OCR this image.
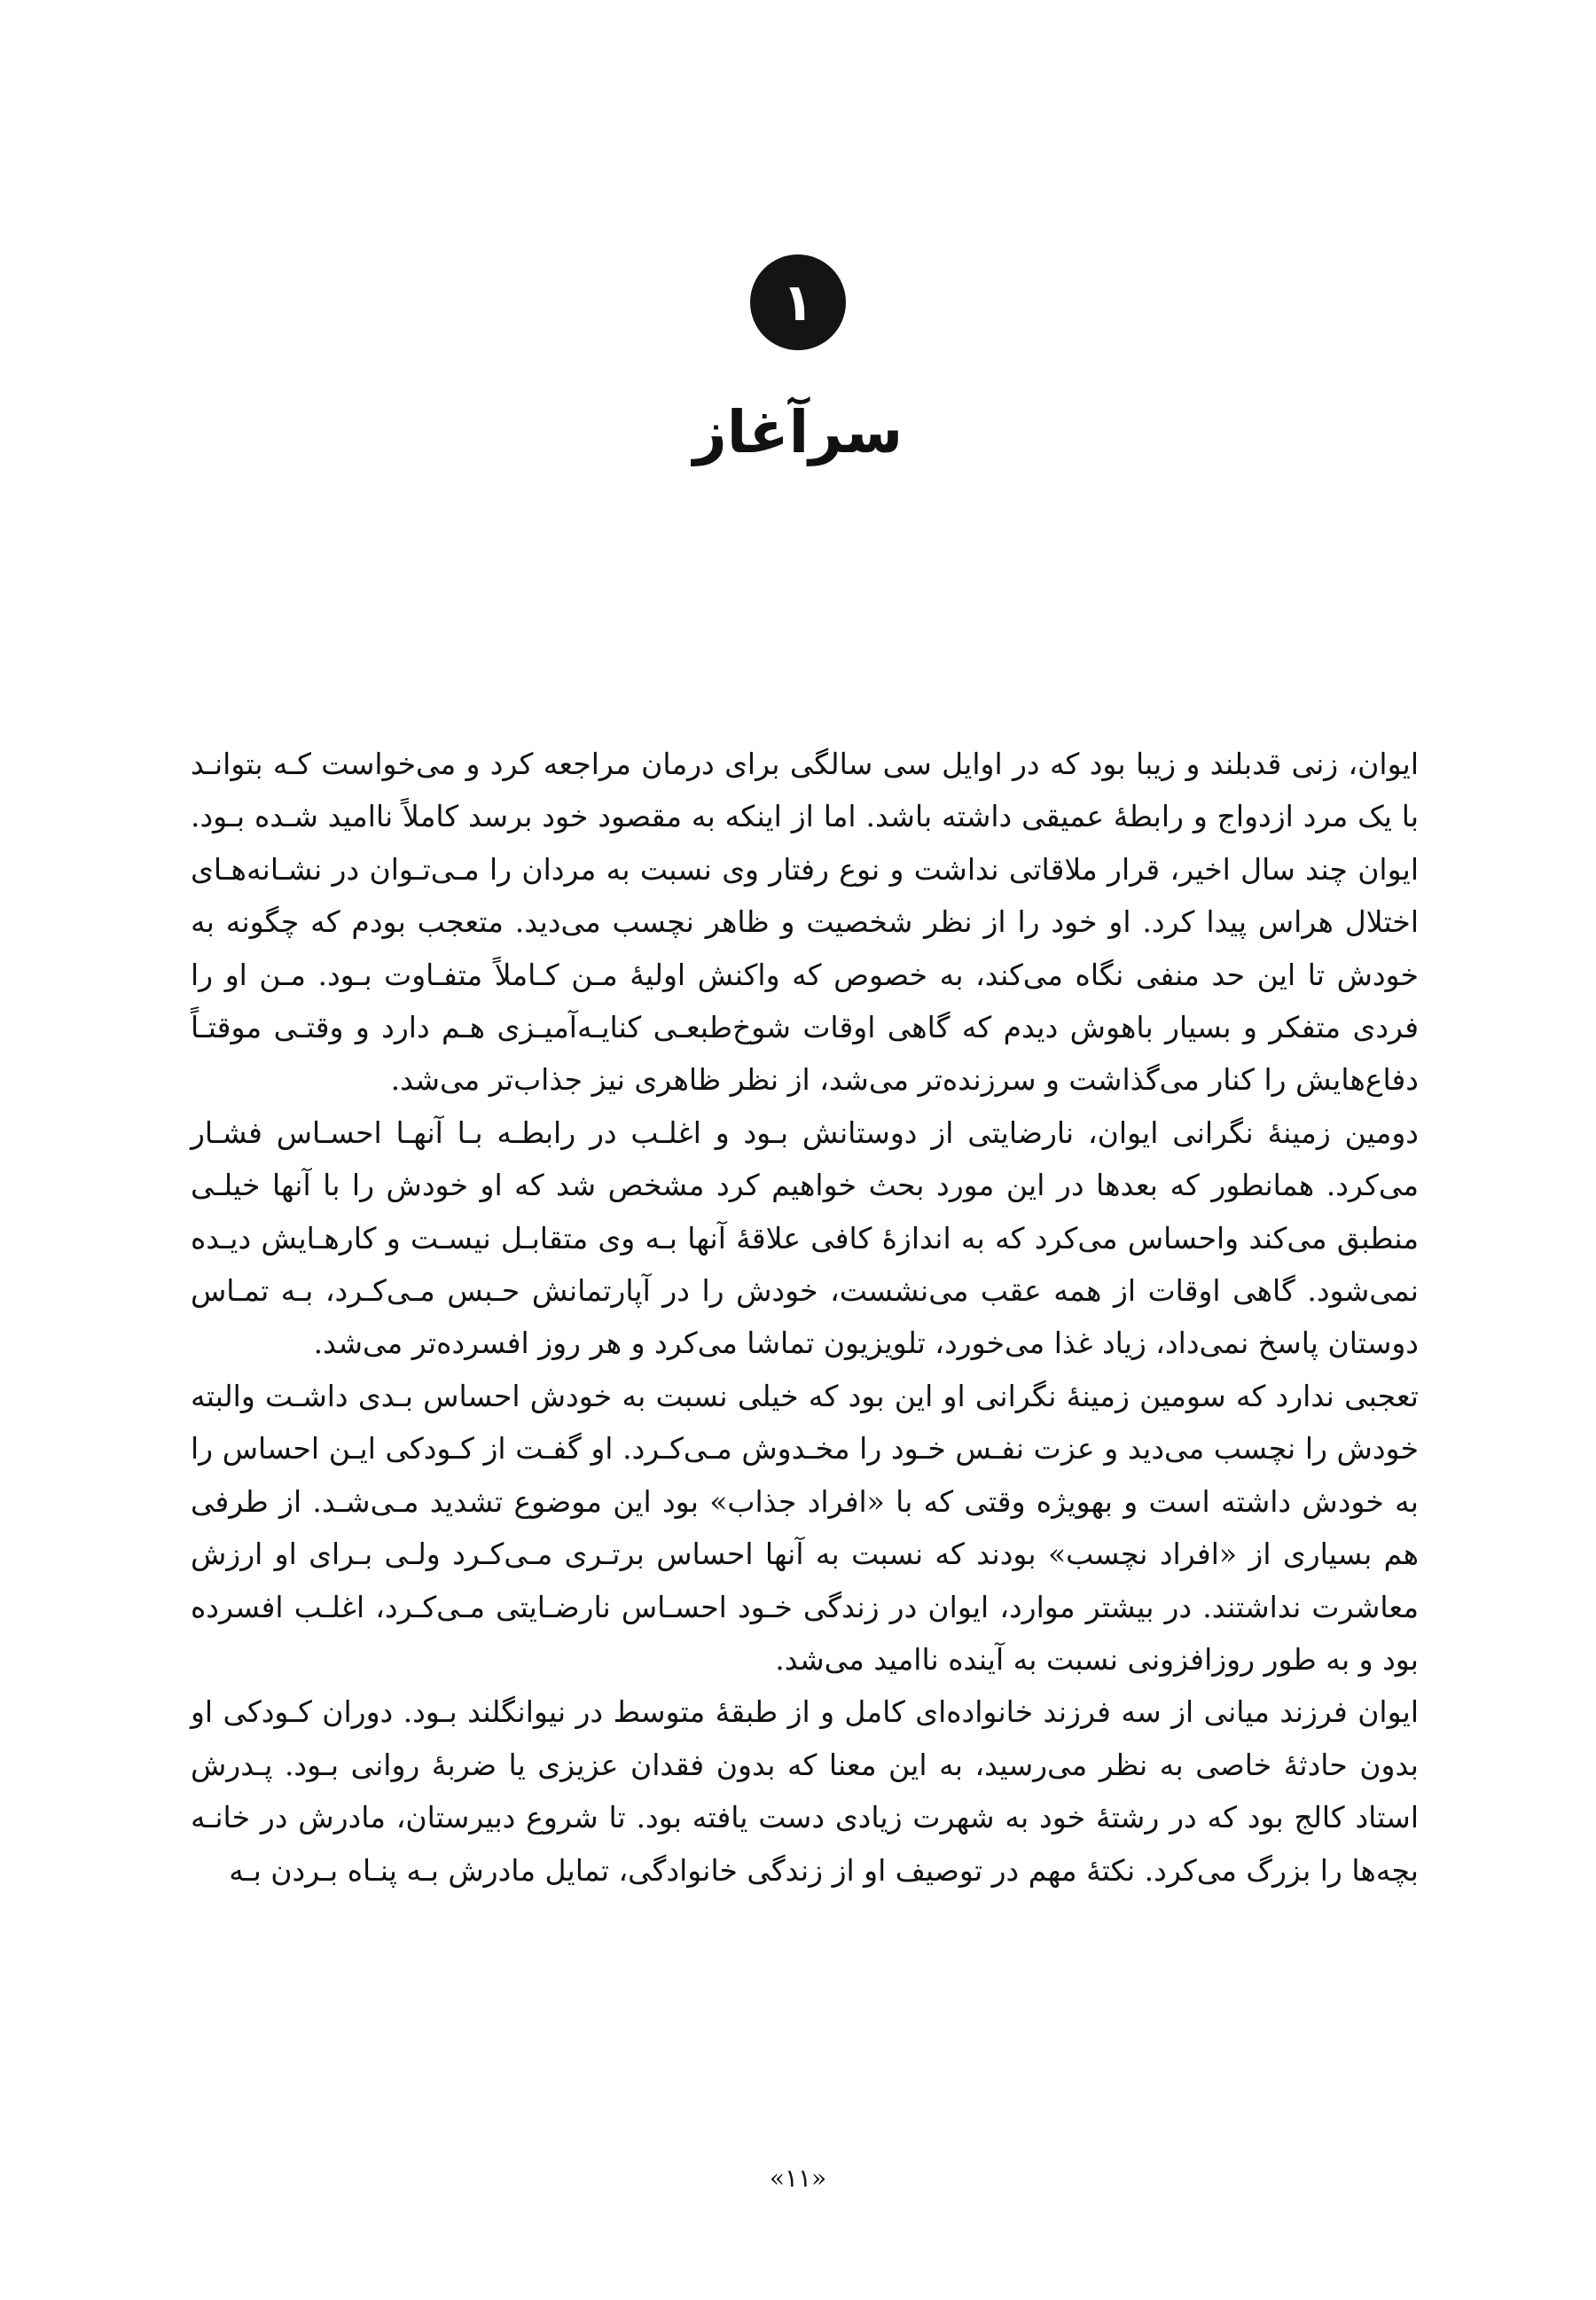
١
سرآغاز

ایوان، زنی قدبلند و زیبا بود که در اوایل سی سالگی برای درمان مراجعه کرد و می‌خواست کـه بتوانـد با یک مرد ازدواج و رابطهٔ عمیقی داشته باشد. اما از اینکه به مقصود خود برسد کاملاً ناامید شـده بـود. ایوان چند سال اخیر، قرار ملاقاتی نداشت و نوع رفتار وی نسبت به مردان را مـی‌تـوان در نشـانه‌هـای اختلال هراس پیدا کرد. او خود را از نظر شخصیت و ظاهر نچسب می‌دید. متعجب بودم که چگونه به خودش تا این حد منفی نگاه می‌کند، به خصوص که واکنش اولیهٔ مـن کـاملاً متفـاوت بـود. مـن او را فردی متفکر و بسیار باهوش دیدم که گاهی اوقات شوخ‌طبعـی کنایـه‌آمیـزی هـم دارد و وقتـی موقتـاً دفاع‌هایش را کنار می‌گذاشت و سرزنده‌تر می‌شد، از نظر ظاهری نیز جذاب‌تر می‌شد.

دومین زمینهٔ نگرانی ایوان، نارضایتی از دوستانش بـود و اغلـب در رابطـه بـا آنهـا احسـاس فشـار می‌کرد. همانطور که بعدها در این مورد بحث خواهیم کرد مشخص شد که او خودش را با آنها خیلـی منطبق می‌کند واحساس می‌کرد که به اندازهٔ کافی علاقهٔ آنها بـه وی متقابـل نیسـت و کارهـایش دیـده نمی‌شود. گاهی اوقات از همه عقب می‌نشست، خودش را در آپارتمانش حـبس مـی‌کـرد، بـه تمـاس دوستان پاسخ نمی‌داد، زیاد غذا می‌خورد، تلویزیون تماشا می‌کرد و هر روز افسرده‌تر می‌شد.

تعجبی ندارد که سومین زمینهٔ نگرانی او این بود که خیلی نسبت به خودش احساس بـدی داشـت والبته خودش را نچسب می‌دید و عزت نفـس خـود را مخـدوش مـی‌کـرد. او گفـت از کـودکی ایـن احساس را به خودش داشته است و بهویژه وقتی که با «افراد جذاب» بود این موضوع تشدید مـی‌شـد. از طرفی هم بسیاری از «افراد نچسب» بودند که نسبت به آنها احساس برتـری مـی‌کـرد ولـی بـرای او ارزش معاشرت نداشتند. در بیشتر موارد، ایوان در زندگی خـود احسـاس نارضـایتی مـی‌کـرد، اغلـب افسرده بود و به طور روزافزونی نسبت به آینده ناامید می‌شد.

ایوان فرزند میانی از سه فرزند خانواده‌ای کامل و از طبقهٔ متوسط در نیوانگلند بـود. دوران کـودکی او بدون حادثهٔ خاصی به نظر می‌رسید، به این معنا که بدون فقدان عزیزی یا ضربهٔ روانی بـود. پـدرش استاد کالج بود که در رشتهٔ خود به شهرت زیادی دست یافته بود. تا شروع دبیرستان، مادرش در خانـه بچه‌ها را بزرگ می‌کرد. نکتهٔ مهم در توصیف او از زندگی خانوادگی، تمایل مادرش بـه پنـاه بـردن بـه

«١١»
